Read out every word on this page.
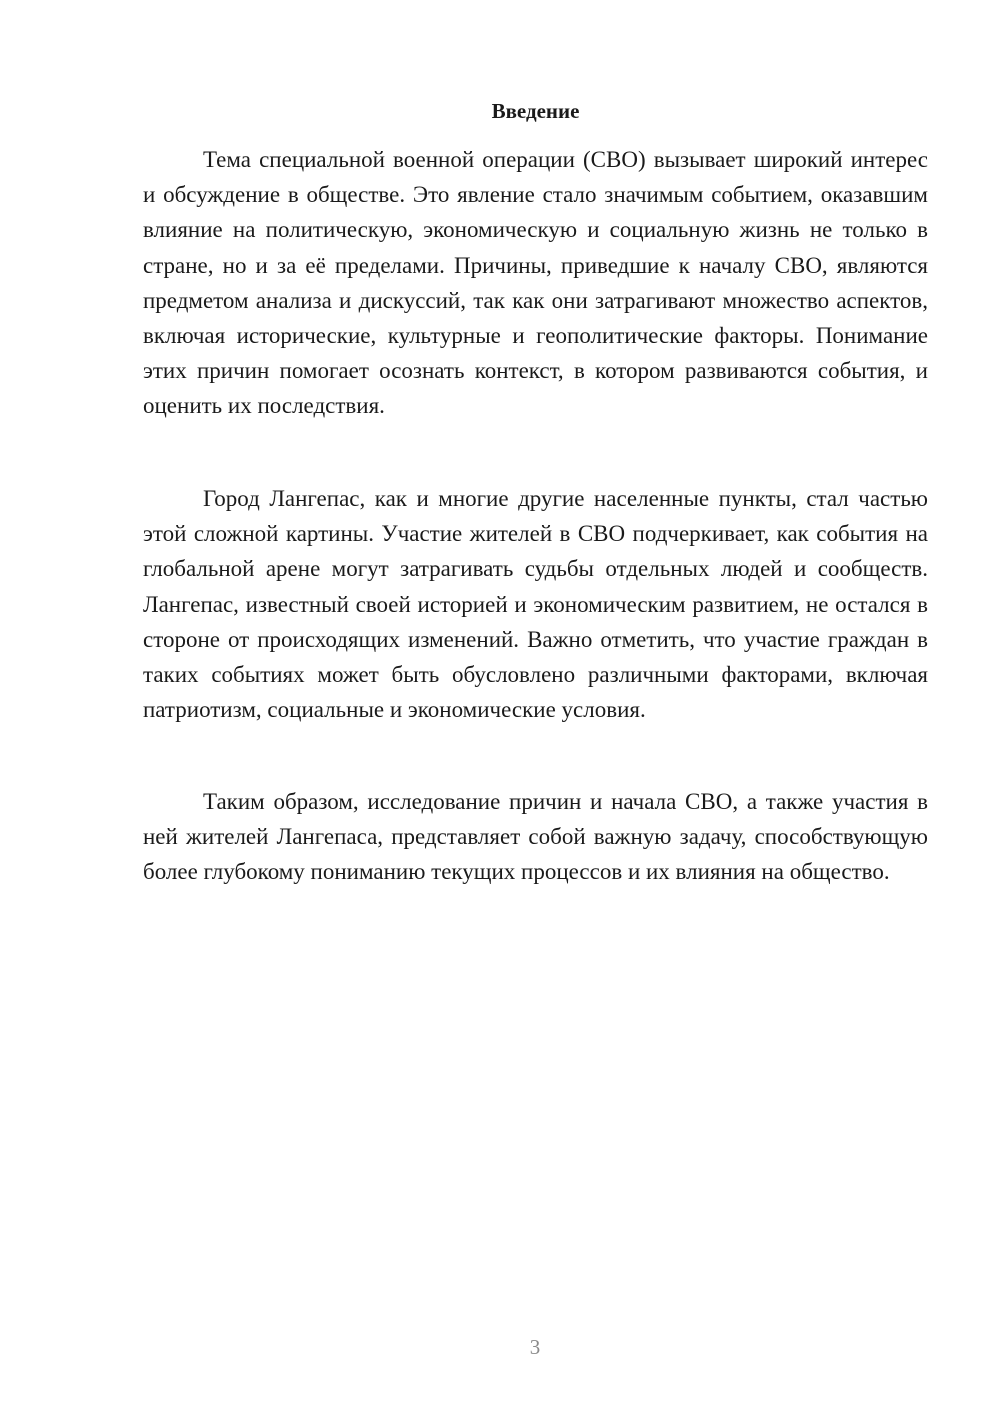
Введение

Тема специальной военной операции (СВО) вызывает широкий интерес и обсуждение в обществе. Это явление стало значимым событием, оказавшим влияние на политическую, экономическую и социальную жизнь не только в стране, но и за её пределами. Причины, приведшие к началу СВО, являются предметом анализа и дискуссий, так как они затрагивают множество аспектов, включая исторические, культурные и геополитические факторы. Понимание этих причин помогает осознать контекст, в котором развиваются события, и оценить их последствия.

Город Лангепас, как и многие другие населенные пункты, стал частью этой сложной картины. Участие жителей в СВО подчеркивает, как события на глобальной арене могут затрагивать судьбы отдельных людей и сообществ. Лангепас, известный своей историей и экономическим развитием, не остался в стороне от происходящих изменений. Важно отметить, что участие граждан в таких событиях может быть обусловлено различными факторами, включая патриотизм, социальные и экономические условия.

Таким образом, исследование причин и начала СВО, а также участия в ней жителей Лангепаса, представляет собой важную задачу, способствующую более глубокому пониманию текущих процессов и их влияния на общество.

3
